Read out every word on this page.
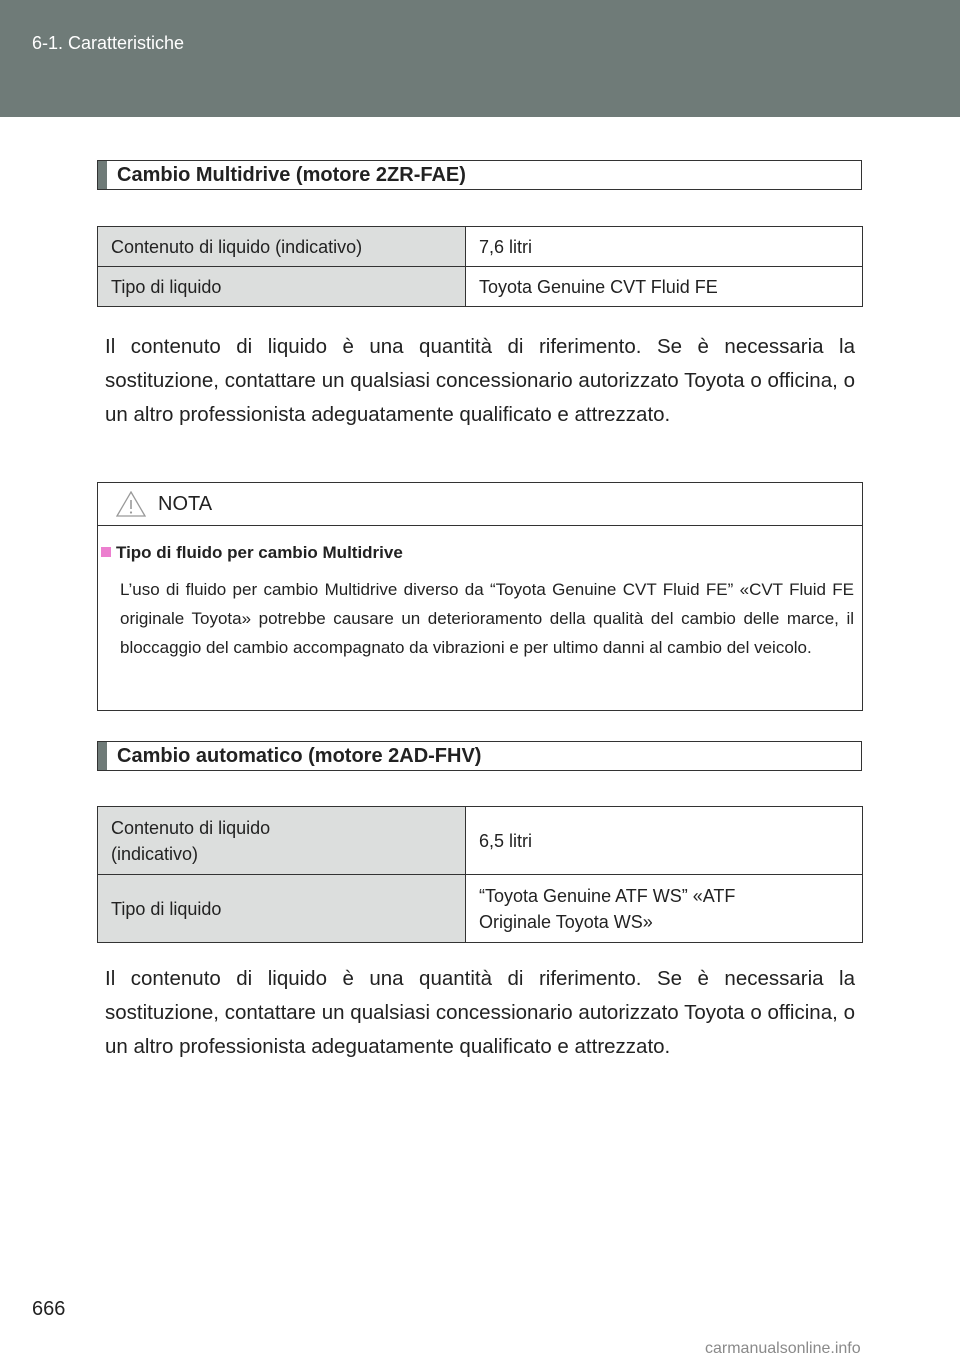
6-1. Caratteristiche
Cambio Multidrive (motore 2ZR-FAE)
Contenuto di liquido (indicativo)	7,6 litri
Tipo di liquido	Toyota Genuine CVT Fluid FE
Il contenuto di liquido è una quantità di riferimento. Se è necessaria la sostituzione, contattare un qualsiasi concessionario autorizzato Toyota o officina, o un altro professionista adeguatamente qualificato e attrezzato.
NOTA
Tipo di fluido per cambio Multidrive
L’uso di fluido per cambio Multidrive diverso da “Toyota Genuine CVT Fluid FE” «CVT Fluid FE originale Toyota» potrebbe causare un deterioramento della qualità del cambio delle marce, il bloccaggio del cambio accompagnato da vibrazioni e per ultimo danni al cambio del veicolo.
Cambio automatico (motore 2AD-FHV)
Contenuto di liquido
(indicativo)	6,5 litri
Tipo di liquido	“Toyota Genuine ATF WS” «ATF
Originale Toyota WS»
Il contenuto di liquido è una quantità di riferimento. Se è necessaria la sostituzione, contattare un qualsiasi concessionario autorizzato Toyota o officina, o un altro professionista adeguatamente qualificato e attrezzato.
666
carmanualsonline.info
